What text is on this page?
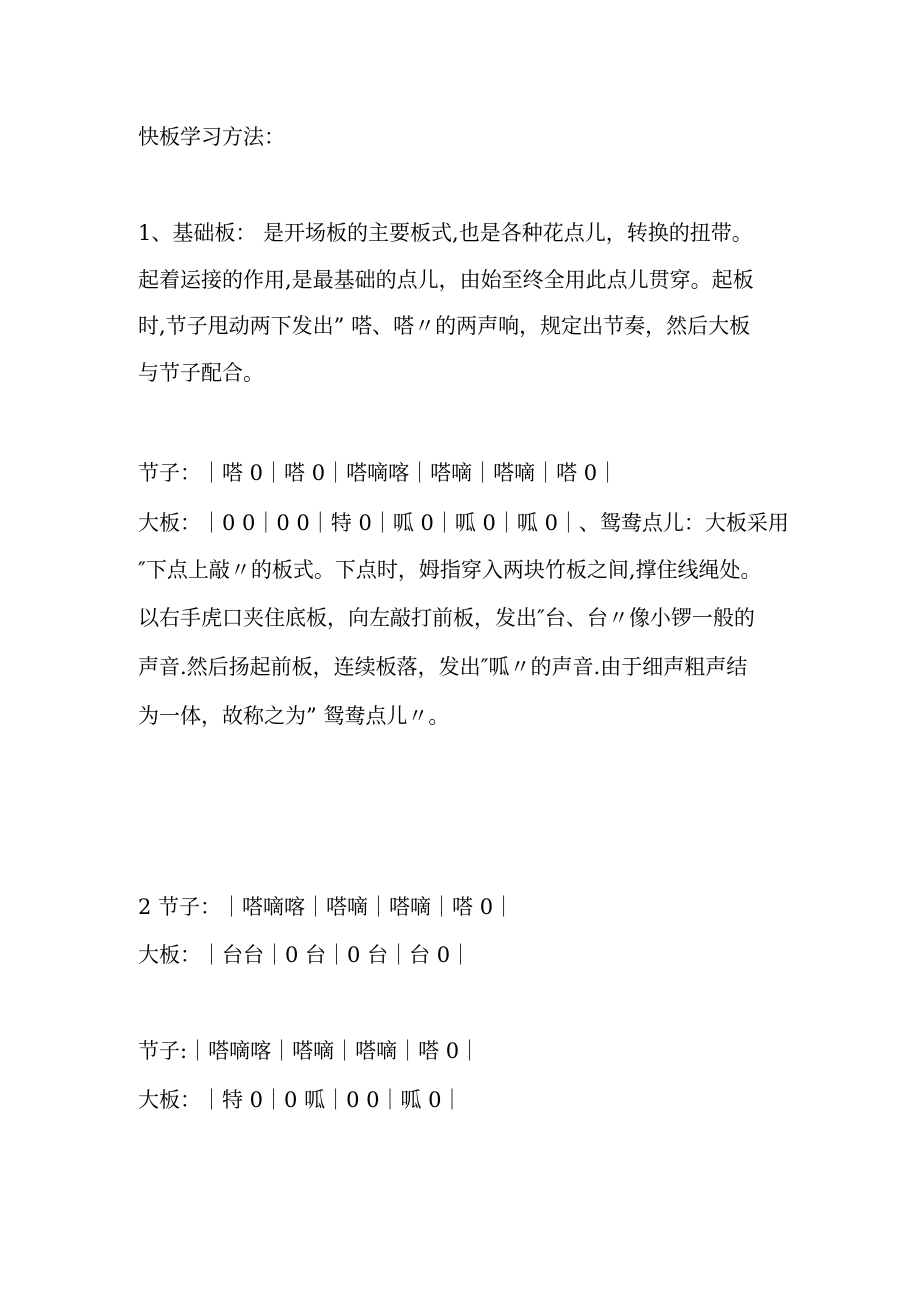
快板学习方法：
1、基础板： 是开场板的主要板式,也是各种花点儿，转换的扭带。
起着运接的作用,是最基础的点儿，由始至终全用此点儿贯穿。起板
时,节子甩动两下发出” 嗒、嗒〃的两声响，规定出节奏，然后大板
与节子配合。
节子：｜嗒 0｜嗒 0｜嗒嘀喀｜嗒嘀｜嗒嘀｜嗒 0｜
大板：｜0 0｜0 0｜特 0｜呱 0｜呱 0｜呱 0｜、鸳鸯点儿：大板采用
″下点上敲〃的板式。下点时，姆指穿入两块竹板之间,撑住线绳处。
以右手虎口夹住底板，向左敲打前板，发出″台、台〃像小锣一般的
声音.然后扬起前板，连续板落，发出″呱〃的声音.由于细声粗声结
为一体，故称之为” 鸳鸯点儿〃。
2 节子：｜嗒嘀喀｜嗒嘀｜嗒嘀｜嗒 0｜
大板：｜台台｜0 台｜0 台｜台 0｜
节子:｜嗒嘀喀｜嗒嘀｜嗒嘀｜嗒 0｜
大板：｜特 0｜0 呱｜0 0｜呱 0｜
